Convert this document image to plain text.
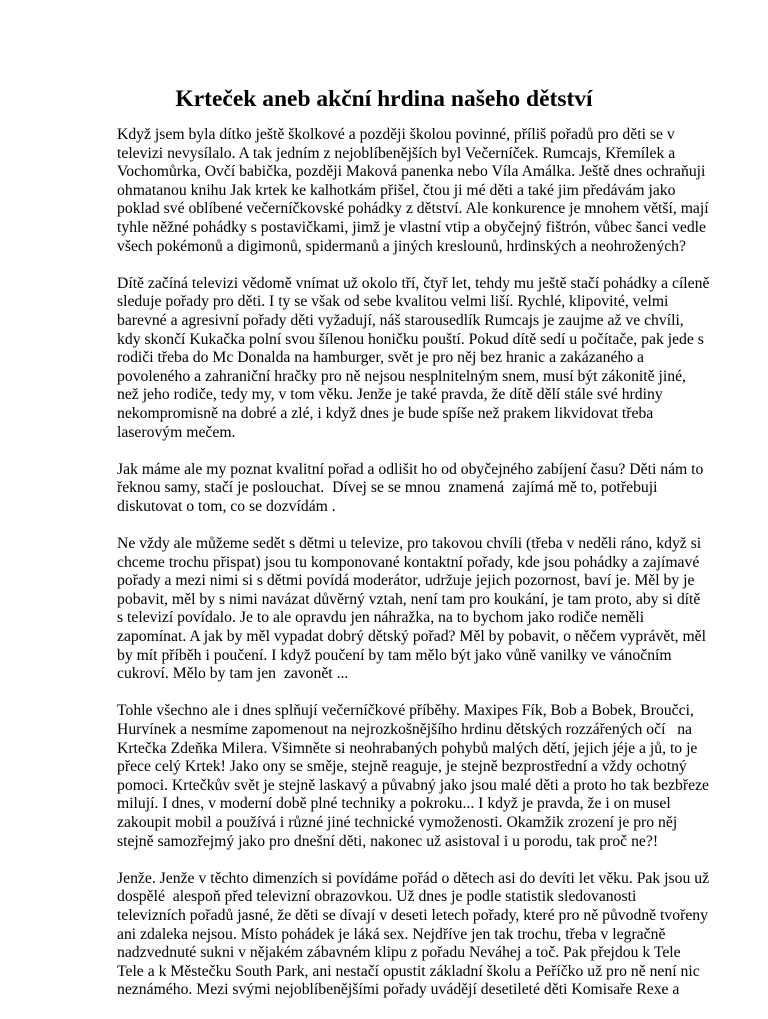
Krteček aneb akční hrdina našeho dětství

Když jsem byla dítko ještě školkové a později školou povinné, příliš pořadů pro děti se v
televizi nevysílalo. A tak jedním z nejoblíbenějších byl Večerníček. Rumcajs, Křemílek a
Vochomůrka, Ovčí babička, později Maková panenka nebo Víla Amálka. Ještě dnes ochraňuji
ohmatanou knihu Jak krtek ke kalhotkám přišel, čtou ji mé děti a také jim předávám jako
poklad své oblíbené večerníčkovské pohádky z dětství. Ale konkurence je mnohem větší, mají
tyhle něžné pohádky s postavičkami, jimž je vlastní vtip a obyčejný fištrón, vůbec šanci vedle
všech pokémonů a digimonů, spidermanů a jiných kreslounů, hrdinských a neohrožených?

Dítě začíná televizi vědomě vnímat už okolo tří, čtyř let, tehdy mu ještě stačí pohádky a cíleně
sleduje pořady pro děti. I ty se však od sebe kvalitou velmi liší. Rychlé, klipovité, velmi
barevné a agresivní pořady děti vyžadují, náš starousedlík Rumcajs je zaujme až ve chvíli,
kdy skončí Kukačka polní svou šílenou honičku pouští. Pokud dítě sedí u počítače, pak jede s
rodiči třeba do Mc Donalda na hamburger, svět je pro něj bez hranic a zakázaného a
povoleného a zahraniční hračky pro ně nejsou nesplnitelným snem, musí být zákonitě jiné,
než jeho rodiče, tedy my, v tom věku. Jenže je také pravda, že dítě dělí stále své hrdiny
nekompromisně na dobré a zlé, i když dnes je bude spíše než prakem likvidovat třeba
laserovým mečem.

Jak máme ale my poznat kvalitní pořad a odlišit ho od obyčejného zabíjení času? Děti nám to
řeknou samy, stačí je poslouchat.  Dívej se se mnou  znamená  zajímá mě to, potřebuji
diskutovat o tom, co se dozvídám .

Ne vždy ale můžeme sedět s dětmi u televize, pro takovou chvíli (třeba v neděli ráno, když si
chceme trochu přispat) jsou tu komponované kontaktní pořady, kde jsou pohádky a zajímavé
pořady a mezi nimi si s dětmi povídá moderátor, udržuje jejich pozornost, baví je. Měl by je
pobavit, měl by s nimi navázat důvěrný vztah, není tam pro koukání, je tam proto, aby si dítě
s televizí povídalo. Je to ale opravdu jen náhražka, na to bychom jako rodiče neměli
zapomínat. A jak by měl vypadat dobrý dětský pořad? Měl by pobavit, o něčem vyprávět, měl
by mít příběh i poučení. I když poučení by tam mělo být jako vůně vanilky ve vánočním
cukroví. Mělo by tam jen  zavonět ...

Tohle všechno ale i dnes splňují večerníčkové příběhy. Maxipes Fík, Bob a Bobek, Broučci,
Hurvínek a nesmíme zapomenout na nejrozkošnějšího hrdinu dětských rozzářených očí   na
Krtečka Zdeňka Milera. Všimněte si neohrabaných pohybů malých dětí, jejich jéje a jů, to je
přece celý Krtek! Jako ony se směje, stejně reaguje, je stejně bezprostřední a vždy ochotný
pomoci. Krtečkův svět je stejně laskavý a půvabný jako jsou malé děti a proto ho tak bezbřeze
milují. I dnes, v moderní době plné techniky a pokroku... I když je pravda, že i on musel
zakoupit mobil a používá i různé jiné technické vymoženosti. Okamžik zrození je pro něj
stejně samozřejmý jako pro dnešní děti, nakonec už asistoval i u porodu, tak proč ne?!

Jenže. Jenže v těchto dimenzích si povídáme pořád o dětech asi do devíti let věku. Pak jsou už
dospělé  alespoň před televizní obrazovkou. Už dnes je podle statistik sledovanosti
televizních pořadů jasné, že děti se dívají v deseti letech pořady, které pro ně původně tvořeny
ani zdaleka nejsou. Místo pohádek je láká sex. Nejdříve jen tak trochu, třeba v legračně
nadzvednuté sukni v nějakém zábavném klipu z pořadu Neváhej a toč. Pak přejdou k Tele
Tele a k Městečku South Park, ani nestačí opustit základní školu a Peříčko už pro ně není nic
neznámého. Mezi svými nejoblíbenějšími pořady uvádějí desetileté děti Komisaře Rexe a
